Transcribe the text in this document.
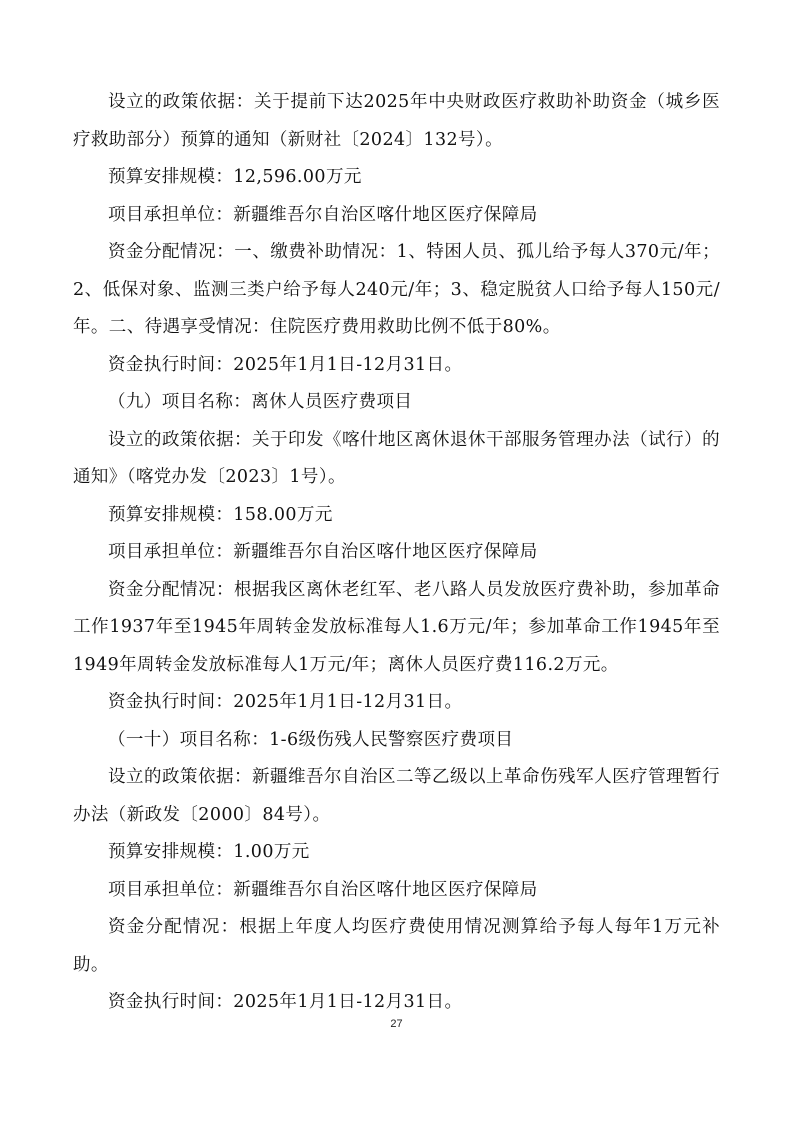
设立的政策依据：关于提前下达2025年中央财政医疗救助补助资金（城乡医疗救助部分）预算的通知（新财社〔2024〕132号）。

预算安排规模：12,596.00万元

项目承担单位：新疆维吾尔自治区喀什地区医疗保障局

资金分配情况：一、缴费补助情况：1、特困人员、孤儿给予每人370元/年；2、低保对象、监测三类户给予每人240元/年；3、稳定脱贫人口给予每人150元/年。二、待遇享受情况：住院医疗费用救助比例不低于80%。

资金执行时间：2025年1月1日-12月31日。

（九）项目名称：离休人员医疗费项目

设立的政策依据：关于印发《喀什地区离休退休干部服务管理办法（试行）的通知》（喀党办发〔2023〕1号）。

预算安排规模：158.00万元

项目承担单位：新疆维吾尔自治区喀什地区医疗保障局

资金分配情况：根据我区离休老红军、老八路人员发放医疗费补助，参加革命工作1937年至1945年周转金发放标准每人1.6万元/年；参加革命工作1945年至1949年周转金发放标准每人1万元/年；离休人员医疗费116.2万元。

资金执行时间：2025年1月1日-12月31日。

（一十）项目名称：1-6级伤残人民警察医疗费项目

设立的政策依据：新疆维吾尔自治区二等乙级以上革命伤残军人医疗管理暂行办法（新政发〔2000〕84号）。

预算安排规模：1.00万元

项目承担单位：新疆维吾尔自治区喀什地区医疗保障局

资金分配情况：根据上年度人均医疗费使用情况测算给予每人每年1万元补助。

资金执行时间：2025年1月1日-12月31日。

27
